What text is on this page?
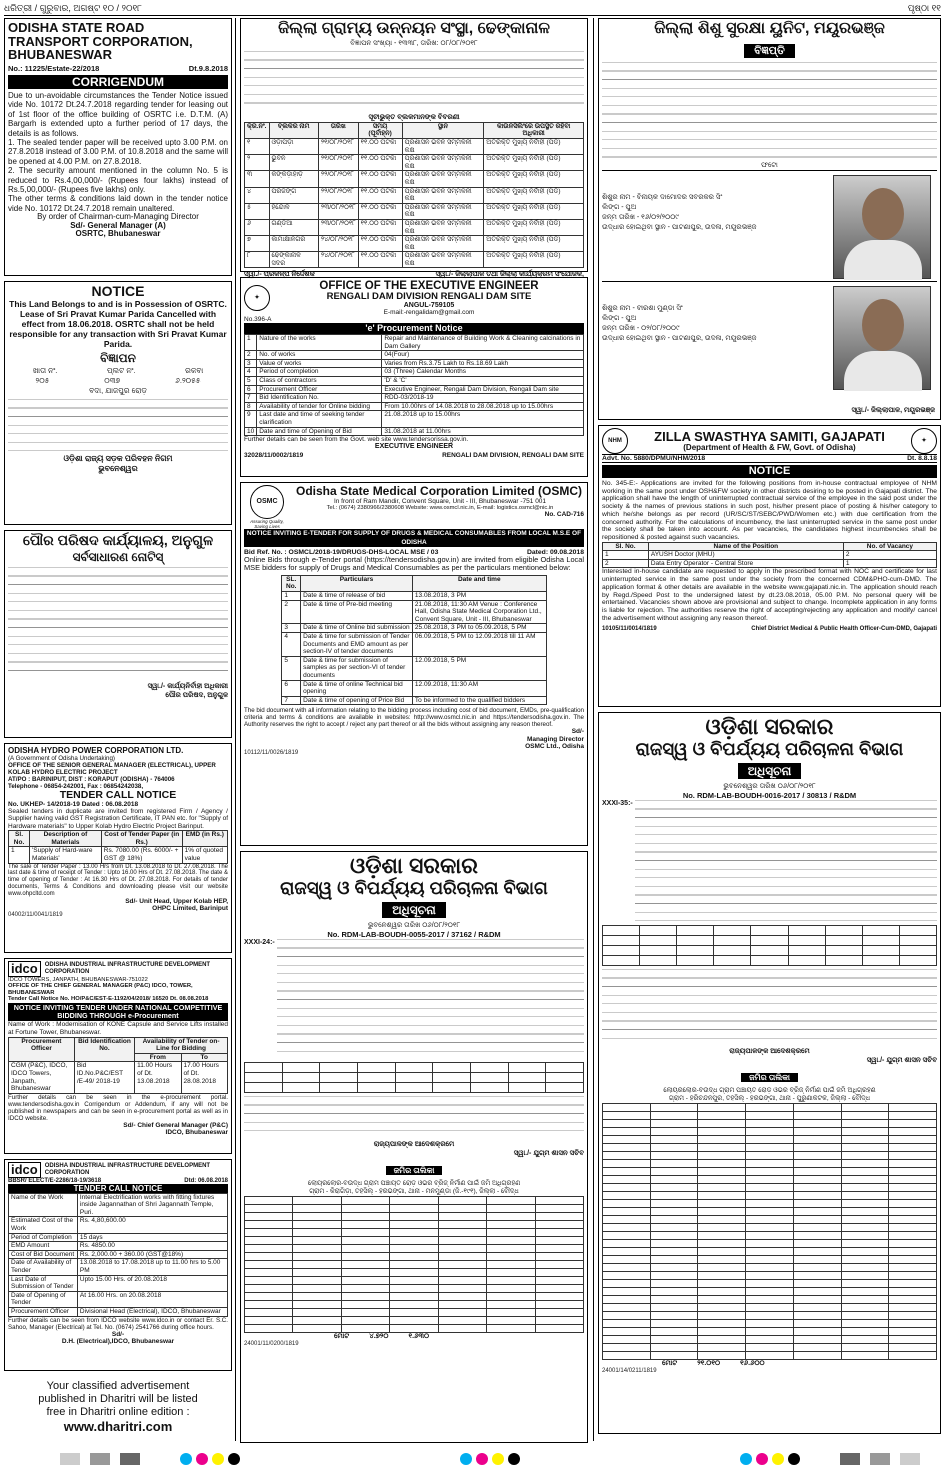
ଧରିତ୍ରୀ / ଗୁରୁବାର, ଅଗଷ୍ଟ ୧୦ / ୨୦୧୮	ପୃଷ୍ଠା ୧୧
ODISHA STATE ROAD TRANSPORT CORPORATION, BHUBANESWAR
No.: 11225/Estate-22/2018	Dt.9.8.2018
CORRIGENDUM
Due to un-avoidable circumstances the Tender Notice issued vide No. 10172 Dt.24.7.2018 regarding tender for leasing out of 1st floor of the office building of OSRTC i.e. D.T.M. (A) Bargarh is extended upto a further period of 17 days, the details is as follows.
1. The sealed tender paper will be received upto 3.00 P.M. on 27.8.2018 instead of 3.00 P.M. of 10.8.2018 and the same will be opened at 4.00 P.M. on 27.8.2018.
2. The security amount mentioned in the column No. 5 is reduced to Rs.4,00,000/- (Rupees four lakhs) instead of Rs.5,00,000/- (Rupees five lakhs) only.
The other terms & conditions laid down in the tender notice vide No. 10172 Dt.24.7.2018 remain unaltered.
By order of Chairman-cum-Managing Director
Sd/- General Manager (A)
OSRTC, Bhubaneswar
NOTICE
This Land Belongs to and is in Possession of OSRTC. Lease of Sri Pravat Kumar Parida Cancelled with effect from 18.06.2018. OSRTC shall not be held responsible for any transaction with Sri Pravat Kumar Parida.
ବିଜ୍ଞାପନ
ଖାତା ନଂ.	ପ୍ଲଟ ନଂ.	ରକବା
୨୦୫	୦୩୭	୬.୨୦୫୫
ବଦା, ଯାଜପୁର ରୋଡ଼
ଓଡ଼ିଶା ରାଜ୍ୟ ସଡ଼କ ପରିବହନ ନିଗମ
ଭୁବନେଶ୍ୱର
ପୌର ପରିଷଦ କାର୍ଯ୍ୟାଳୟ, ଅନୁଗୁଳ
ସର୍ବସାଧାରଣ ନୋଟିସ୍
ସ୍ୱା./- କାର୍ଯ୍ୟନିର୍ବାହୀ ଅଧିକାରୀ
ପୌର ପରିଷଦ, ଅନୁଗୁଳ
ODISHA HYDRO POWER CORPORATION LTD.
(A Government of Odisha Undertaking)
OFFICE OF THE SENIOR GENERAL MANAGER (ELECTRICAL), UPPER KOLAB HYDRO ELECTRIC PROJECT
AT/PO : BARINIPUT, DIST : KORAPUT (ODISHA) - 764006
Telephone - 06854-242001, Fax : 06854242038,
TENDER CALL NOTICE
No. UKHEP- 14/2018-19 Dated : 06.08.2018
Sealed tenders in duplicate are invited from registered Firm / Agency / Supplier having valid GST Registration Certificate, IT PAN etc. for "Supply of Hardware materials" to Upper Kolab Hydro Electric Project Barinput.
Sl. No.	Description of Materials	Cost of Tender Paper (in Rs.)	EMD (in Rs.)
1	'Supply of Hard-ware Materials'	Rs. 7080.00 (Rs. 6000/- + GST @ 18%)	1% of quoted value
The sale of Tender Paper : 13.00 Hrs from Dt. 13.08.2018 to Dt. 27.08.2018. The last date & time of receipt of Tender : Upto 16.00 Hrs of Dt. 27.08.2018. The date & time of opening of Tender : At 16.30 Hrs of Dt. 27.08.2018. For details of tender documents, Terms & Conditions and downloading please visit our website www.ohpcltd.com
Sd/- Unit Head, Upper Kolab HEP,
OHPC Limited, Bariniput
04002/11/0041/1819
idco	ODISHA INDUSTRIAL INFRASTRUCTURE DEVELOPMENT CORPORATION
IDCO TOWERS, JANPATH, BHUBANESWAR-751022
OFFICE OF THE CHIEF GENERAL MANAGER (P&C) IDCO, TOWER, BHUBANESWAR
Tender Call Notice No. HO/P&C/EST-E-1192/04/2018/ 16520 Dt. 08.08.2018
NOTICE INVITING TENDER UNDER NATIONAL COMPETITIVE BIDDING THROUGH e-Procurement
Name of Work : Modernisation of KONE Capsule and Service Lifts installed at Fortune Tower, Bhubaneswar.
Procurement Officer	Bid Identification No.	Availability of Tender on-Line for Bidding	
		From	To
CGM (P&C), IDCO, IDCO Towers, Janpath, Bhubaneswar	Bid ID.No.P&C/EST /E-49/ 2018-19	11.00 Hours of Dt. 13.08.2018	17.00 Hours of Dt. 28.08.2018
Further details can be seen in the e-procurement portal. www.tendersodisha.gov.in Corrigendum or Addendum, if any will not be published in newspapers and can be seen in e-procurement portal as well as in IDCO website.
Sd/- Chief General Manager (P&C)
IDCO, Bhubaneswar
idco	ODISHA INDUSTRIAL INFRASTRUCTURE DEVELOPMENT CORPORATION
BBSR/ ELECT/E-2286/18-19/3618	Dtd: 06.08.2018
TENDER CALL NOTICE
Name of the Work	Internal Electrification works with fitting fixtures inside Jagannathan of Shri Jagannath Temple, Puri.
Estimated Cost of the Work	Rs. 4,80,600.00
Period of Completion	15 days
EMD Amount	Rs. 4850.00
Cost of Bid Document	Rs. 2,000.00 + 360.00 (GST@18%)
Date of Availability of Tender	13.08.2018 to 17.08.2018 up to 11.00 hrs to 5.00 PM
Last Date of Submission of Tender	Upto 15.00 Hrs. of 20.08.2018
Date of Opening of Tender	At 16.00 Hrs. on 20.08.2018
Procurement Officer	Divisional Head (Electrical), IDCO, Bhubaneswar
Further details can be seen from IDCO website www.idco.in or contact Er. S.C. Sahoo, Manager (Electrical) at Tel. No. (0674) 2541766 during office hours.
Sd/-
D.H. (Electrical),IDCO, Bhubaneswar
Your classified advertisement
published in Dharitri will be listed
free in Dharitri online edition :
www.dharitri.com
ଜିଲ୍ଲା ଗ୍ରାମ୍ୟ ଉନ୍ନୟନ ସଂସ୍ଥା, ଢେଙ୍କାନାଳ
ବିଜ୍ଞାପନ ସଂଖ୍ୟା - ୧୩୩୮, ତାରିଖ: ୦୮/୦୮/୨୦୧୮
ସୂଚୀଭୁକ୍ତ ବ୍ଲକମାନଙ୍କ ବିବରଣୀ
କ୍ର.ନଂ.	ବ୍ଲକର ନାମ	ତାରିଖ	ସମୟ (ପୂର୍ବାହ୍ନ)	ସ୍ଥାନ	କାଉନସିଲିଂରେ ଉପସ୍ଥିତ ରହିବା ଅଧିକାରୀ
୧	ଓଡ଼ାପଡ଼ା	୨୧/୦୮/୨୦୧୮	୧୧.୦୦ ଘଟିକା	ପ୍ରଶାସନ ଭବନ ସମ୍ମିଳନୀ କକ୍ଷ	ଅତିରିକ୍ତ ମୁଖ୍ୟ ନିର୍ବାହୀ (ପିଡି)
୨	ଭୁବନ	୨୧/୦୮/୨୦୧୮	୧୧.୦୦ ଘଟିକା	ପ୍ରଶାସନ ଭବନ ସମ୍ମିଳନୀ କକ୍ଷ	ଅତିରିକ୍ତ ମୁଖ୍ୟ ନିର୍ବାହୀ (ପିଡି)
୩	କଙ୍କଡ଼ାହାଡ଼	୨୨/୦୮/୨୦୧୮	୧୧.୦୦ ଘଟିକା	ପ୍ରଶାସନ ଭବନ ସମ୍ମିଳନୀ କକ୍ଷ	ଅତିରିକ୍ତ ମୁଖ୍ୟ ନିର୍ବାହୀ (ପିଡି)
୪	ପରଜଙ୍ଗ	୨୨/୦୮/୨୦୧୮	୧୧.୦୦ ଘଟିକା	ପ୍ରଶାସନ ଭବନ ସମ୍ମିଳନୀ କକ୍ଷ	ଅତିରିକ୍ତ ମୁଖ୍ୟ ନିର୍ବାହୀ (ପିଡି)
୫	ହିନ୍ଦୋଳ	୨୩/୦୮/୨୦୧୮	୧୧.୦୦ ଘଟିକା	ପ୍ରଶାସନ ଭବନ ସମ୍ମିଳନୀ କକ୍ଷ	ଅତିରିକ୍ତ ମୁଖ୍ୟ ନିର୍ବାହୀ (ପିଡି)
୬	ଗଣ୍ଡିଆ	୨୩/୦୮/୨୦୧୮	୧୧.୦୦ ଘଟିକା	ପ୍ରଶାସନ ଭବନ ସମ୍ମିଳନୀ କକ୍ଷ	ଅତିରିକ୍ତ ମୁଖ୍ୟ ନିର୍ବାହୀ (ପିଡି)
୭	କାମାକ୍ଷାନଗର	୨୪/୦୮/୨୦୧୮	୧୧.୦୦ ଘଟିକା	ପ୍ରଶାସନ ଭବନ ସମ୍ମିଳନୀ କକ୍ଷ	ଅତିରିକ୍ତ ମୁଖ୍ୟ ନିର୍ବାହୀ (ପିଡି)
୮	ଢେଙ୍କାନାଳ ସଦର	୨୪/୦୮/୨୦୧୮	୧୧.୦୦ ଘଟିକା	ପ୍ରଶାସନ ଭବନ ସମ୍ମିଳନୀ କକ୍ଷ	ଅତିରିକ୍ତ ମୁଖ୍ୟ ନିର୍ବାହୀ (ପିଡି)
ସ୍ୱା./- ପ୍ରକଳ୍ପ ନିର୍ଦ୍ଦେଶକ	ସ୍ୱା./- ଜିଲ୍ଲାପାଳ ତଥା ଜିଲ୍ଲା କାର୍ଯ୍ୟକ୍ରମ ସଂଯୋଜକ,
✦
OFFICE OF THE EXECUTIVE ENGINEER
RENGALI DAM DIVISION RENGALI DAM SITE
ANGUL-759105
E-mail:-rengalidam@gmail.com
No.396-A
'e' Procurement Notice
1	Nature of the works	Repair and Maintenance of Building Work & Cleaning calcinations in Dam Gallery
2	No. of works	04(Four)
3	Value of works	Varies from Rs.3.75 Lakh to Rs.18.69 Lakh
4	Period of completion	03 (Three) Calendar Months
5	Class of contractors	'D' & 'C'
6	Procurement Officer	Executive Engineer, Rengali Dam Division, Rengali Dam site
7	Bid Identification No.	RDD-03/2018-19
8	Availability of tender for Online bidding	From 10.00hrs of 14.08.2018 to 28.08.2018 up to 15.00hrs
9	Last date and time of seeking tender clarification	21.08.2018 up to 15.00hrs
10	Date and time of Opening of Bid	31.08.2018 at 11.00hrs
Further details can be seen from the Govt. web site www.tendersorissa.gov.in.
EXECUTIVE ENGINEER
32028/11/0002/1819	RENGALI DAM DIVISION, RENGALI DAM SITE
OSMC
Assuring Quality, Saving Lives
Odisha State Medical Corporation Limited (OSMC)
In front of Ram Mandir, Convent Square, Unit - III, Bhubaneswar -751 001
Tel.: (0674) 2380966/2380608 Website: www.osmcl.nic.in, E-mail: logistics.osmcl@nic.in
No. CAD-716
NOTICE INVITING E-TENDER FOR SUPPLY OF DRUGS & MEDICAL CONSUMABLES FROM LOCAL M.S.E OF ODISHA
Bid Ref. No. : OSMCL/2018-19/DRUGS-DHS-LOCAL MSE / 03	Dated: 09.08.2018
Online Bids through e-Tender portal (https://tendersodisha.gov.in) are invited from eligible Odisha Local MSE bidders for supply of Drugs and Medical Consumables as per the particulars mentioned below:
SL. No.	Particulars	Date and time
1	Date & time of release of bid	13.08.2018, 3 PM
2	Date & time of Pre-bid meeting	21.08.2018, 11:30 AM Venue : Conference Hall, Odisha State Medical Corporation Ltd., Convent Square, Unit - III, Bhubaneswar
3	Date & time of Online bid submission	25.08.2018, 3 PM to 05.09.2018, 5 PM
4	Date & time for submission of Tender Documents and EMD amount as per section-IV of tender documents	06.09.2018, 5 PM to 12.09.2018 till 11 AM
5	Date & time for submission of samples as per section-VI of tender documents	12.09.2018, 5 PM
6	Date & time of online Technical bid opening	12.09.2018, 11:30 AM
7	Date & time of opening of Price Bid	To be informed to the qualified bidders
The bid document with all information relating to the bidding process including cost of bid document, EMDs, pre-qualification criteria and terms & conditions are available in websites: http://www.osmcl.nic.in and https://tendersodisha.gov.in. The Authority reserves the right to accept / reject any part thereof or all the bids without assigning any reason thereof.
Sd/-
Managing Director
OSMC Ltd., Odisha
10112/11/0026/1819
ଓଡ଼ିଶା ସରକାର
ରାଜସ୍ୱ ଓ ବିପର୍ଯ୍ୟୟ ପରିଚାଳନା ବିଭାଗ
ଅଧିସୂଚନା
ଭୁବନେଶ୍ୱର ତାରିଖ ୦୬/୦୮/୨୦୧୮
No. RDM-LAB-BOUDH-0055-2017 / 37162 / R&DM
XXXI-24:-

ରାଜ୍ୟପାଳଙ୍କ ଆଦେଶକ୍ରମେ
ସ୍ୱା./- ଯୁଗ୍ମ ଶାସନ ସଚିବ
ଜମିର ତାଲିକା
ଲୋୟରଲୋର-ବଉଦ୍ଧ ଗ୍ରାମ ପଞ୍ଚାୟତ ରୋଡ଼ ଓଭର ବ୍ରିଜ୍ ନିର୍ମାଣ ପାଇଁ ଜମି ଅଧିଗ୍ରହଣ
ଗ୍ରାମ - କିରାଗିଡ଼ା, ତହସିଲ୍ - ହରଭଙ୍ଗା, ଥାନା - ମନମୁଣ୍ଡା (ଜି.-୧୯୧), ଜିଲ୍ଲା - ବୌଦ୍ଧ

ମୋଟ	୪.୭୨୦	୧.୬୩୦
24001/11/0200/1819
ଜିଲ୍ଲା ଶିଶୁ ସୁରକ୍ଷା ୟୁନିଟ, ମୟୂରଭଞ୍ଜ
ବିଜ୍ଞପ୍ତି
ଫଟୋ
ଶିଶୁର ନାମ - ବିନାୟକ ଦାମୋଦର ସବରକର ସିଂ
ଲିଙ୍ଗ - ପୁଅ
ଜନ୍ମ ତାରିଖ - ୧୬/୦୨/୨୦୦୯
ଉଦ୍ଧାର ହୋଇଥିବା ସ୍ଥାନ - ପାଟଣାପୁର, ଉଦଳା, ମୟୂରଭଞ୍ଜ
ଶିଶୁର ନାମ - ବୀରଶା ମୁଣ୍ଡା ସିଂ
ଲିଙ୍ଗ - ପୁଅ
ଜନ୍ମ ତାରିଖ - ୦୨/୦୮/୨୦୦୯
ଉଦ୍ଧାର ହୋଇଥିବା ସ୍ଥାନ - ପାଟଣାପୁର, ଉଦଳା, ମୟୂରଭଞ୍ଜ
ସ୍ୱା./- ଜିଲ୍ଲାପାଳ, ମୟୂରଭଞ୍ଜ
NHM	ZILLA SWASTHYA SAMITI, GAJAPATI
(Department of Health & FW, Govt. of Odisha)
✦
Advt. No. 5880/DPMU/NHM/2018	Dt. 8.8.18
NOTICE
No. 345-E:- Applications are invited for the following positions from in-house contractual employee of NHM working in the same post under OSH&FW society in other districts desiring to be posted in Gajapati district. The application shall have the length of uninterrupted contractual service of the employee in the said post under the society & the names of previous stations in such post, his/her present place of posting & his/her category to which he/she belongs as per record (UR/SC/ST/SEBC/PWD/Women etc.) with due certification from the concerned authority. For the calculations of incumbency, the last uninterrupted service in the same post under the society shall be taken into account. As per vacancies, the candidates highest incumbencies shall be repositioned & posted against such vacancies.
Sl. No.	Name of the Position	No. of Vacancy
1	AYUSH Doctor (MHU)	2
2	Data Entry Operator - Central Store	1
Interested in-house candidate are requested to apply in the prescribed format with NOC and certificate for last uninterrupted service in the same post under the society from the concerned CDM&PHO-cum-DMD. The application format & other details are available in the website www.gajapati.nic.in. The application should reach by Regd./Speed Post to the undersigned latest by dt.23.08.2018, 05.00 P.M. No personal query will be entertained. Vacancies shown above are provisional and subject to change. Incomplete application in any forms is liable for rejection. The authorities reserve the right of accepting/rejecting any application and modify/ cancel the advertisement without assigning any reason thereof.
10105/11/0014/1819	Chief District Medical & Public Health Officer-Cum-DMD, Gajapati
ଓଡ଼ିଶା ସରକାର
ରାଜସ୍ୱ ଓ ବିପର୍ଯ୍ୟୟ ପରିଚାଳନା ବିଭାଗ
ଅଧିସୂଚନା
ଭୁବନେଶ୍ୱର ତାରିଖ ୦୬/୦୮/୨୦୧୮
No. RDM-LAB-BOUDH-0016-2017 / 30813 / R&DM
XXXI-35:-

ରାଜ୍ୟପାଳଙ୍କ ଆଦେଶକ୍ରମେ
ସ୍ୱା./- ଯୁଗ୍ମ ଶାସନ ସଚିବ
ଜମିର ତାଲିକା
ଲୋୟରଲୋର-ବଉଦ୍ଧ ଗ୍ରାମ ପଞ୍ଚାୟତ ରୋଡ଼ ଓଭର ବ୍ରିଜ୍ ନିର୍ମାଣ ପାଇଁ ଜମି ଅଧିଗ୍ରହଣ
ଗ୍ରାମ - ହରିଚନ୍ଦନପୁର, ତହସିଲ୍ - ହରଭଙ୍ଗା, ଥାନା - ପୁରୁଣାକଟକ, ଜିଲ୍ଲା - ବୌଦ୍ଧ

ମୋଟ	୨୧.୦୧୦	୧୬.୬୦୦
24001/14/0211/1819
